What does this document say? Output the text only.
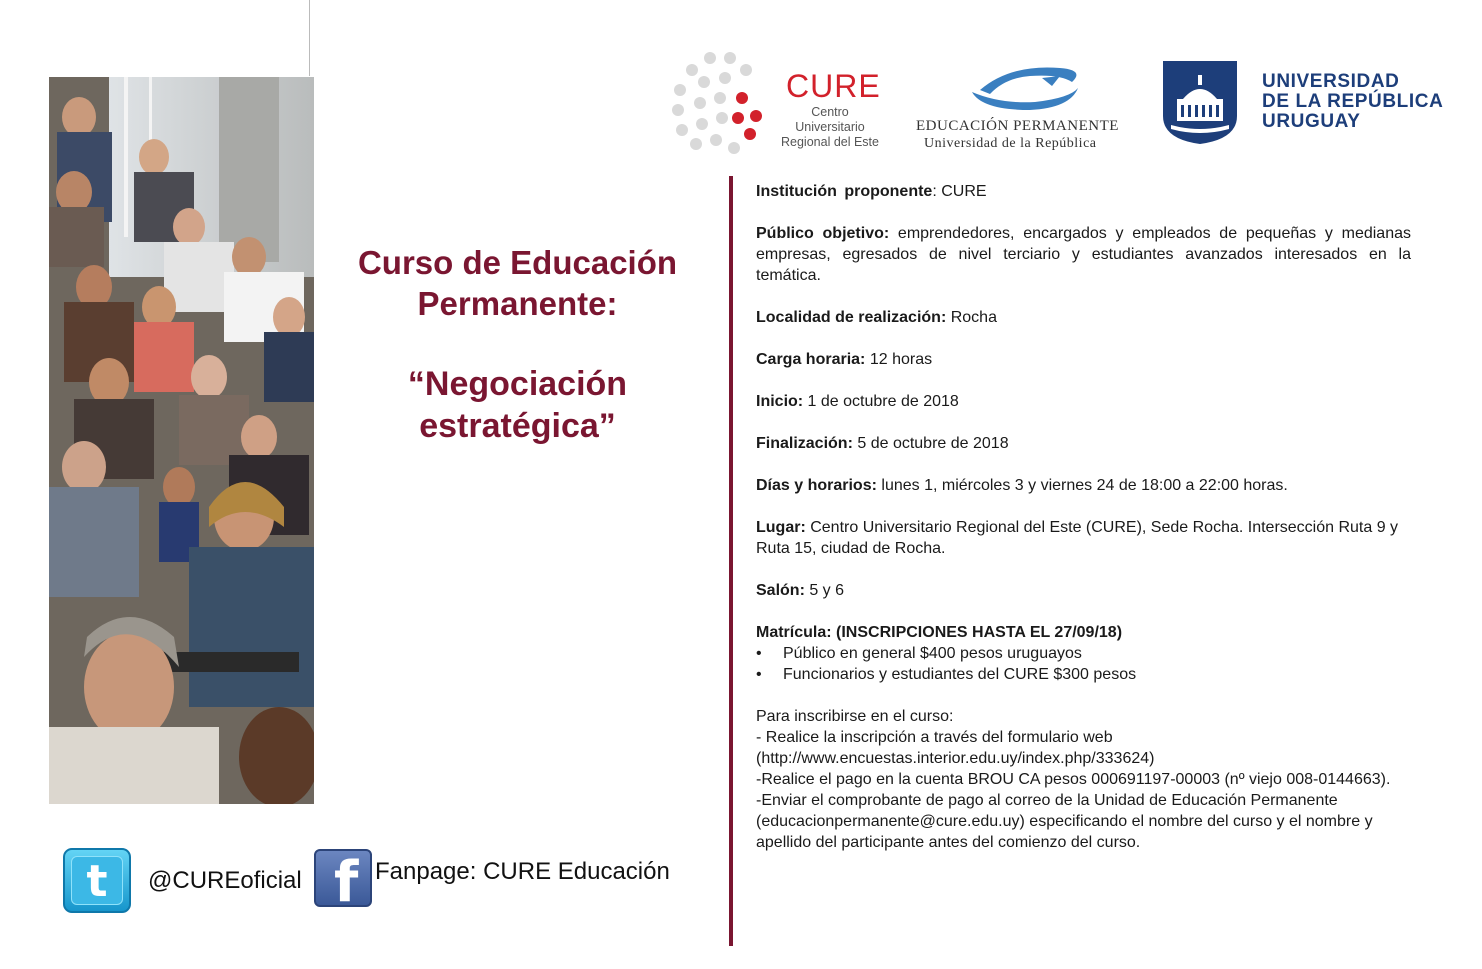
Curso de Educación
Permanente:
“Negociación
estratégica”
CURE
Centro Universitario
Regional del Este
EDUCACIÓN PERMANENTE
Universidad de la República
UNIVERSIDAD
DE LA REPÚBLICA
URUGUAY

Institución proponente: CURE

Público objetivo: emprendedores, encargados y empleados de pequeñas y medianas empresas, egresados de nivel terciario y estudiantes avanzados interesados en la temática.

Localidad de realización: Rocha

Carga horaria: 12 horas

Inicio: 1 de octubre de 2018

Finalización: 5 de octubre de 2018

Días y horarios: lunes 1, miércoles 3 y viernes 24 de 18:00 a 22:00 horas.

Lugar: Centro Universitario Regional del Este (CURE), Sede Rocha. Intersección Ruta 9 y Ruta 15, ciudad de Rocha.

Salón: 5 y 6

Matrícula: (INSCRIPCIONES HASTA EL 27/09/18)

•	Público en general $400 pesos uruguayos
•	Funcionarios y estudiantes del CURE $300 pesos

Para inscribirse en el curso:

- Realice la inscripción a través del formulario web (http://www.encuestas.interior.edu.uy/index.php/333624)

-Realice el pago en la cuenta BROU CA pesos 000691197-00003 (nº viejo 008-0144663).

-Enviar el comprobante de pago al correo de la Unidad de Educación Permanente (educacionpermanente@cure.edu.uy) especificando el nombre del curso y el nombre y apellido del participante antes del comienzo del curso.

t	@CUREoficial f Fanpage: CURE Educación
